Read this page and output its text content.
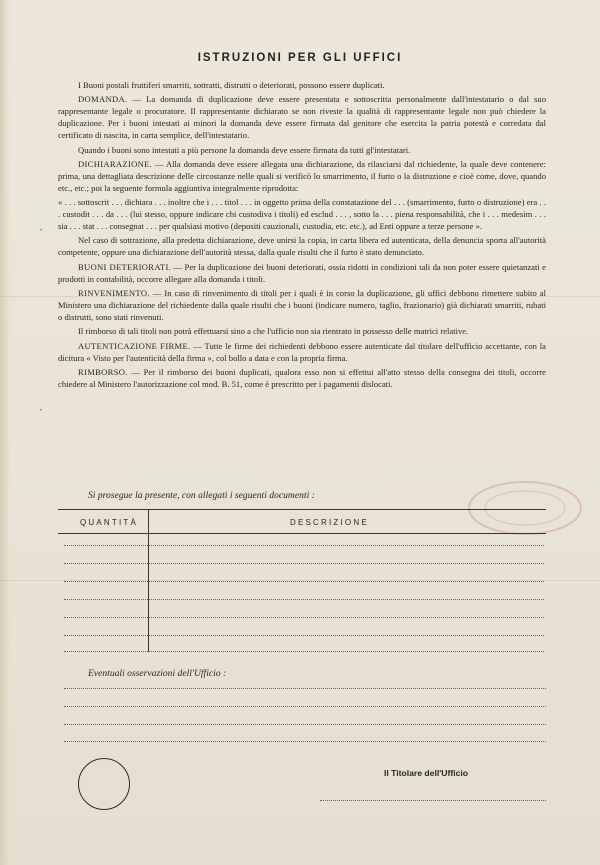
ISTRUZIONI PER GLI UFFICI

I Buoni postali fruttiferi smarriti, sottratti, distrutti o deteriorati, possono essere duplicati.

DOMANDA. — La domanda di duplicazione deve essere presentata e sottoscritta personalmente dall'intestatario o dal suo rappresentante legale o procuratore. Il rappresentante dichiarato se non riveste la qualità di rappresentante legale non può chiedere la duplicazione. Per i buoni intestati ai minori la domanda deve essere firmata dal genitore che esercita la patria potestà e corredata dal certificato di nascita, in carta semplice, dell'intestatario.

Quando i buoni sono intestati a più persone la domanda deve essere firmata da tutti gl'intestatari.

DICHIARAZIONE. — Alla domanda deve essere allegata una dichiarazione, da rilasciarsi dal richiedente, la quale deve contenere: prima, una dettagliata descrizione delle circostanze nelle quali si verificò lo smarrimento, il furto o la distruzione e cioè come, dove, quando etc., etc.; poi la seguente formula aggiuntiva integralmente riprodotta:

« . . . sottoscrit . . . dichiara . . . inoltre che i . . . titol . . . in oggetto prima della constatazione del . . . (smarrimento, furto o distruzione) era . . . custodit . . . da . . . (lui stesso, oppure indicare chi custodiva i titoli) ed esclud . . . , sotto la . . . piena responsabilità, che i . . . medesim . . . sia . . . stat . . . consegnat . . . per qualsiasi motivo (depositi cauzionali, custodia, etc. etc.), ad Enti oppure a terze persone ».

Nel caso di sottrazione, alla predetta dichiarazione, deve unirsi la copia, in carta libera ed autenticata, della denuncia sporta all'autorità competente, oppure una dichiarazione dell'autorità stessa, dalla quale risulti che il furto è stato denunciato.

BUONI DETERIORATI. — Per la duplicazione dei buoni deteriorati, ossia ridotti in condizioni tali da non poter essere quietanzati e prodotti in contabilità, occorre allegare alla domanda i titoli.

RINVENIMENTO. — In caso di rinvenimento di titoli per i quali è in corso la duplicazione, gli uffici debbono rimettere subito al Ministero una dichiarazione del richiedente dalla quale risulti che i buoni (indicare numero, taglio, frazionario) già dichiarati smarriti, rubati o distrutti, sono stati rinvenuti.

Il rimborso di tali titoli non potrà effettuarsi sino a che l'ufficio non sia rientrato in possesso delle matrici relative.

AUTENTICAZIONE FIRME. — Tutte le firme dei richiedenti debbono essere autenticate dal titolare dell'ufficio accettante, con la dicitura « Visto per l'autenticità della firma », col bollo a data e con la propria firma.

RIMBORSO. — Per il rimborso dei buoni duplicati, qualora esso non si effettui all'atto stesso della consegna dei titoli, occorre chiedere al Ministero l'autorizzazione col mod. B. 51, come è prescritto per i pagamenti dislocati.

Si prosegue la presente, con allegati i seguenti documenti :
QUANTITÀ	DESCRIZIONE
Eventuali osservazioni dell'Ufficio :
Il Titolare dell'Ufficio
•
•
